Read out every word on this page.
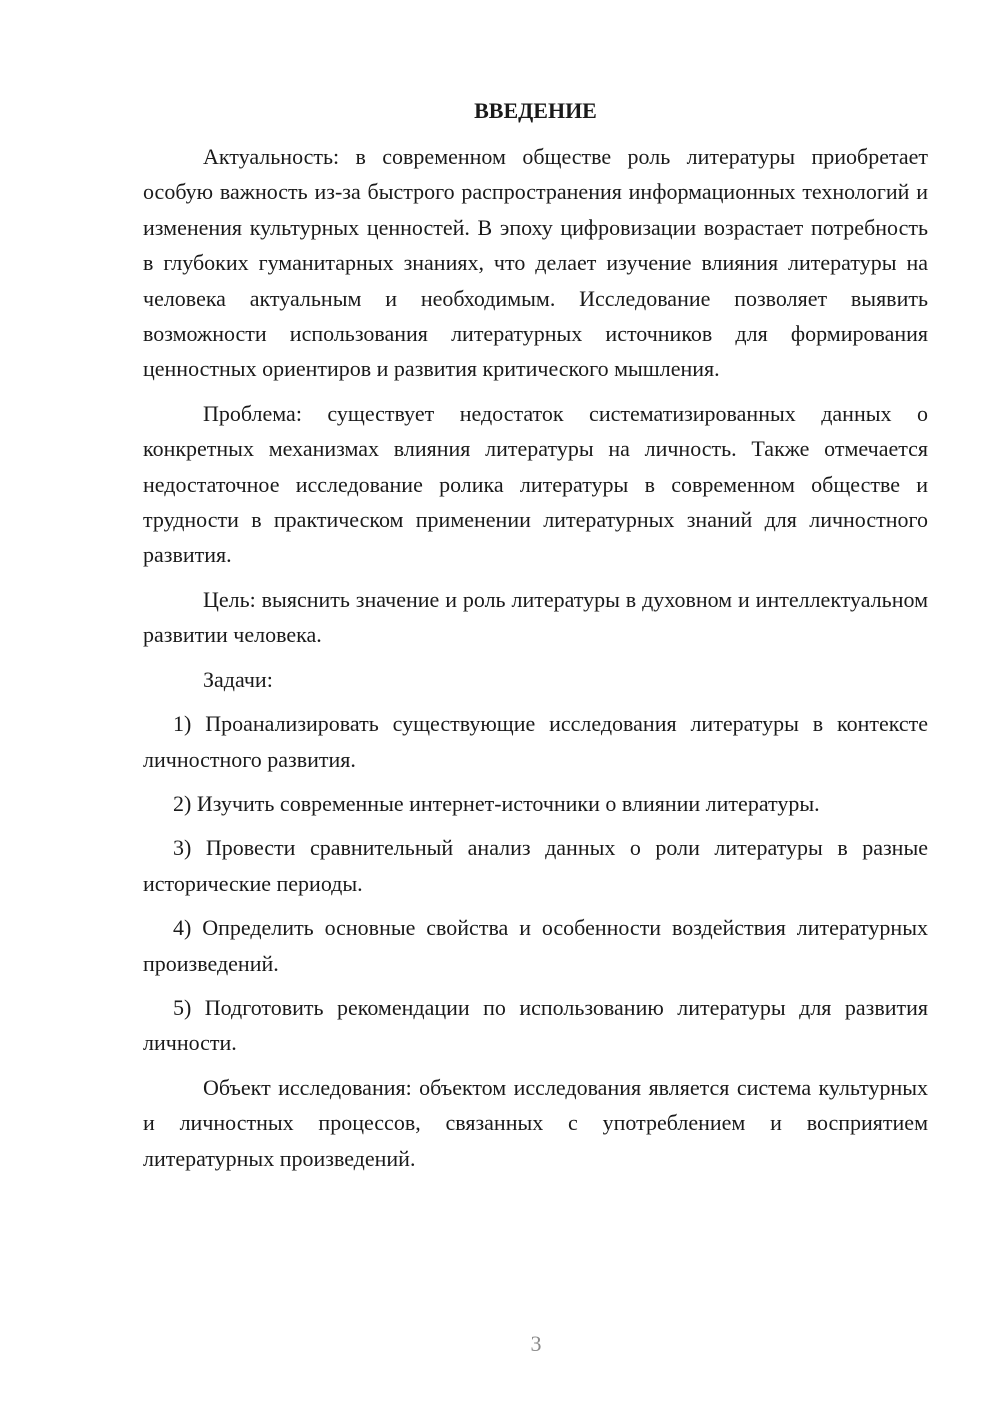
ВВЕДЕНИЕ

Актуальность: в современном обществе роль литературы приобретает особую важность из-за быстрого распространения информационных технологий и изменения культурных ценностей. В эпоху цифровизации возрастает потребность в глубоких гуманитарных знаниях, что делает изучение влияния литературы на человека актуальным и необходимым. Исследование позволяет выявить возможности использования литературных источников для формирования ценностных ориентиров и развития критического мышления.

Проблема: существует недостаток систематизированных данных о конкретных механизмах влияния литературы на личность. Также отмечается недостаточное исследование ролика литературы в современном обществе и трудности в практическом применении литературных знаний для личностного развития.

Цель: выяснить значение и роль литературы в духовном и интеллектуальном развитии человека.

Задачи:

1) Проанализировать существующие исследования литературы в контексте личностного развития.

2) Изучить современные интернет-источники о влиянии литературы.

3) Провести сравнительный анализ данных о роли литературы в разные исторические периоды.

4) Определить основные свойства и особенности воздействия литературных произведений.

5) Подготовить рекомендации по использованию литературы для развития личности.

Объект исследования: объектом исследования является система культурных и личностных процессов, связанных с употреблением и восприятием литературных произведений.

3
